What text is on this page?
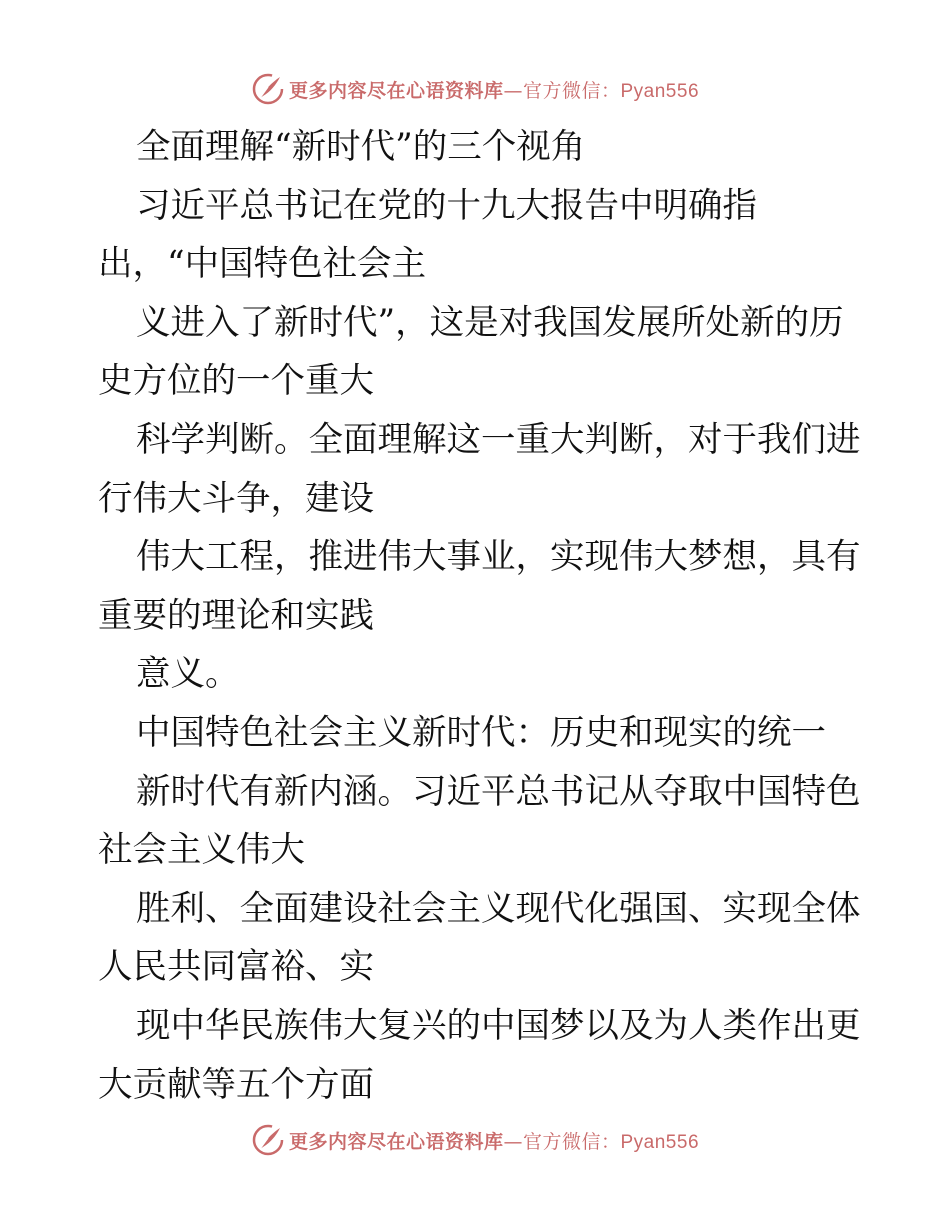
更多内容尽在心语资料库—官方微信：Pyan556
全面理解“新时代”的三个视角
习近平总书记在党的十九大报告中明确指
出，“中国特色社会主
义进入了新时代”，这是对我国发展所处新的历
史方位的一个重大
科学判断。全面理解这一重大判断，对于我们进
行伟大斗争，建设
伟大工程，推进伟大事业，实现伟大梦想，具有
重要的理论和实践
意义。
中国特色社会主义新时代：历史和现实的统一
新时代有新内涵。习近平总书记从夺取中国特色
社会主义伟大
胜利、全面建设社会主义现代化强国、实现全体
人民共同富裕、实
现中华民族伟大复兴的中国梦以及为人类作出更
大贡献等五个方面
更多内容尽在心语资料库—官方微信：Pyan556
